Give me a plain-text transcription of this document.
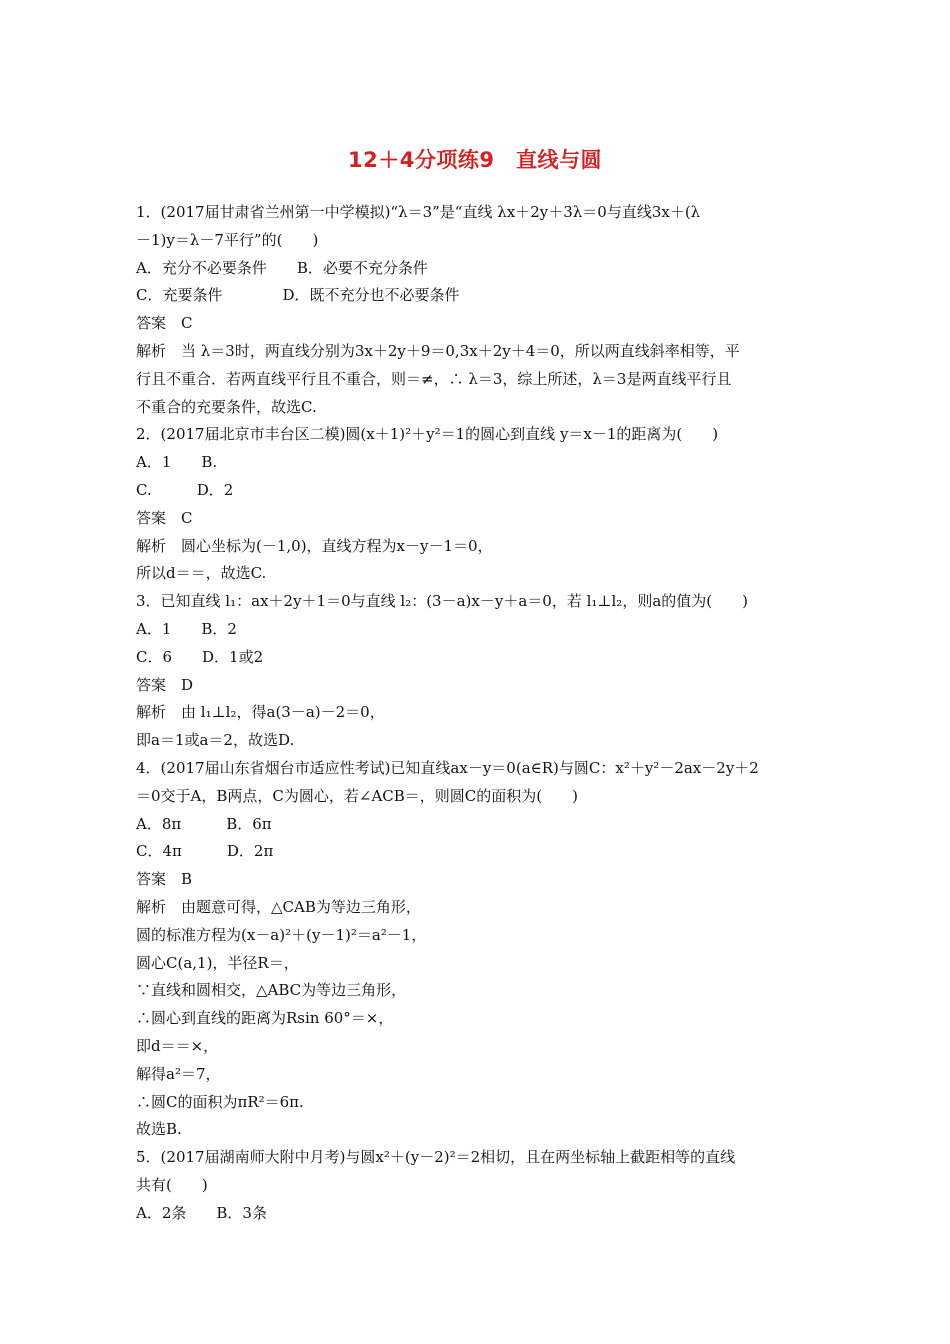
12＋4分项练9　直线与圆
1．(2017届甘肃省兰州第一中学模拟)“λ＝3”是“直线 λx＋2y＋3λ＝0与直线3x＋(λ
－1)y＝λ－7平行”的(　　)
A．充分不必要条件　　B．必要不充分条件
C．充要条件　　　　D．既不充分也不必要条件
答案　C
解析　当 λ＝3时，两直线分别为3x＋2y＋9＝0,3x＋2y＋4＝0，所以两直线斜率相等，平
行且不重合．若两直线平行且不重合，则＝≠，∴ λ＝3，综上所述，λ＝3是两直线平行且
不重合的充要条件，故选C.
2．(2017届北京市丰台区二模)圆(x＋1)²＋y²＝1的圆心到直线 y＝x－1的距离为(　　)
A．1　　B.
C.　　　D．2
答案　C
解析　圆心坐标为(－1,0)，直线方程为x－y－1＝0，
所以d＝＝，故选C.
3．已知直线 l₁：ax＋2y＋1＝0与直线 l₂：(3－a)x－y＋a＝0，若 l₁⊥l₂，则a的值为(　　)
A．1　　B．2
C．6　　D．1或2
答案　D
解析　由 l₁⊥l₂，得a(3－a)－2＝0，
即a＝1或a＝2，故选D.
4．(2017届山东省烟台市适应性考试)已知直线ax－y＝0(a∈R)与圆C：x²＋y²－2ax－2y＋2
＝0交于A，B两点，C为圆心，若∠ACB＝，则圆C的面积为(　　)
A．8π　　　B．6π
C．4π　　　D．2π
答案　B
解析　由题意可得，△CAB为等边三角形，
圆的标准方程为(x－a)²＋(y－1)²＝a²－1，
圆心C(a,1)，半径R＝，
∵直线和圆相交，△ABC为等边三角形，
∴圆心到直线的距离为Rsin 60°＝×，
即d＝＝×，
解得a²＝7，
∴圆C的面积为πR²＝6π.
故选B.
5．(2017届湖南师大附中月考)与圆x²＋(y－2)²＝2相切，且在两坐标轴上截距相等的直线
共有(　　)
A．2条　　B．3条
